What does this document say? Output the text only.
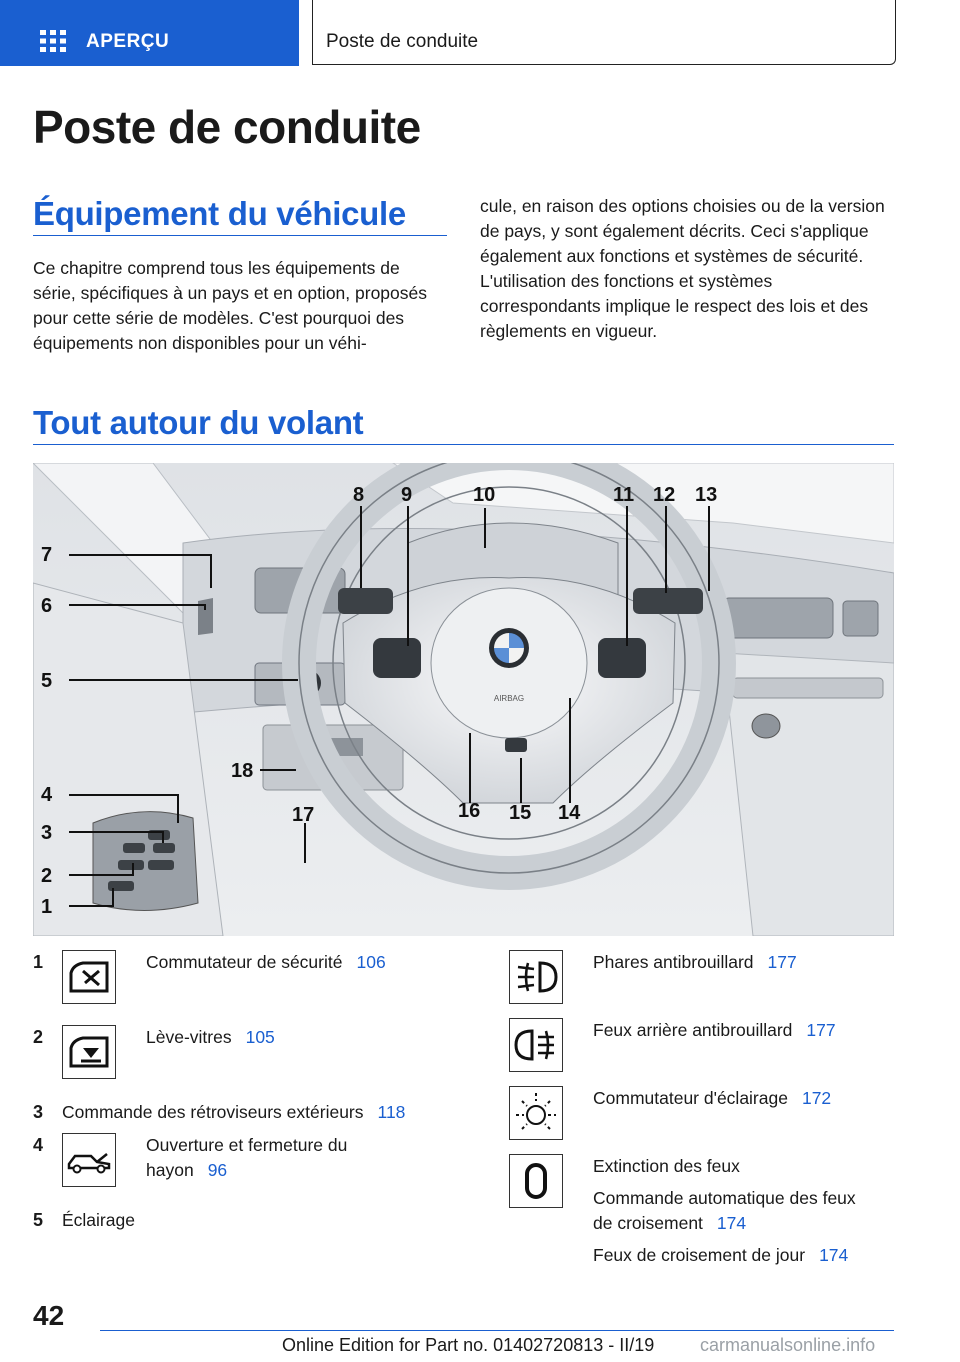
APERÇU	Poste de conduite
Poste de conduite
Équipement du véhicule
Ce chapitre comprend tous les équipements de série, spécifiques à un pays et en option, proposés pour cette série de modèles. C'est pourquoi des équipements non disponibles pour un véhi-
cule, en raison des options choisies ou de la version de pays, y sont également décrits. Ceci s'applique également aux fonctions et systèmes de sécurité. L'utilisation des fonctions et systèmes correspondants implique le respect des lois et des règlements en vigueur.
Tout autour du volant
AIRBAG
7
6
5
4
3
2
1
8 9	10	11 12 13
14
15
16
17
18
1	Commutateur de sécurité 106
2	Lève-vitres 105
3 Commande des rétroviseurs extérieurs 118
4	Ouverture et fermeture du
hayon 96
5 Éclairage
Phares antibrouillard 177
Feux arrière antibrouillard 177
Commutateur d'éclairage 172
Extinction des feux
Commande automatique des feux
de croisement 174
Feux de croisement de jour 174
42
Online Edition for Part no. 01402720813 - II/19	carmanualsonline.info
